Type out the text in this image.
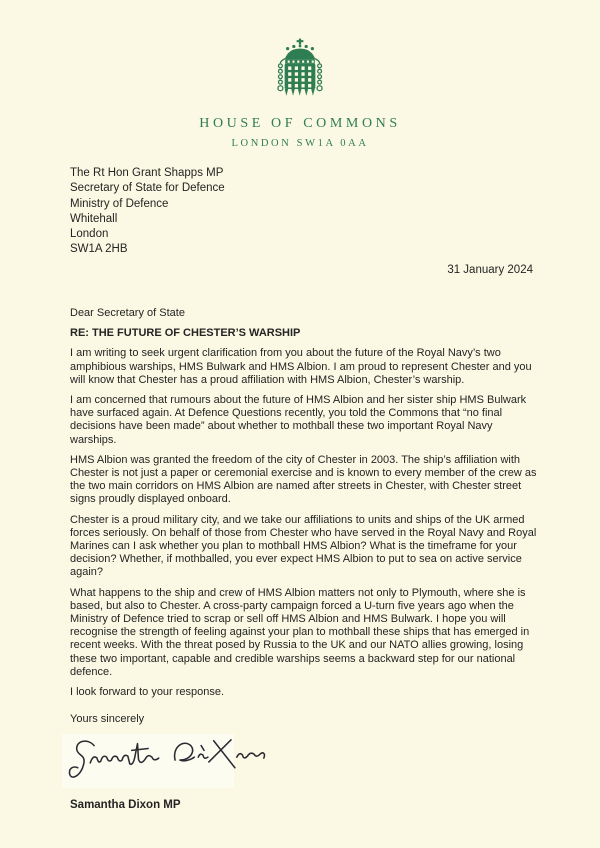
HOUSE OF COMMONS
LONDON SW1A 0AA
The Rt Hon Grant Shapps MP
Secretary of State for Defence
Ministry of Defence
Whitehall
London
SW1A 2HB
31 January 2024

Dear Secretary of State

RE: THE FUTURE OF CHESTER’S WARSHIP

I am writing to seek urgent clarification from you about the future of the Royal Navy’s two amphibious warships, HMS Bulwark and HMS Albion. I am proud to represent Chester and you will know that Chester has a proud affiliation with HMS Albion, Chester’s warship.

I am concerned that rumours about the future of HMS Albion and her sister ship HMS Bulwark have surfaced again. At Defence Questions recently, you told the Commons that “no final decisions have been made” about whether to mothball these two important Royal Navy warships.

HMS Albion was granted the freedom of the city of Chester in 2003. The ship’s affiliation with Chester is not just a paper or ceremonial exercise and is known to every member of the crew as the two main corridors on HMS Albion are named after streets in Chester, with Chester street signs proudly displayed onboard.

Chester is a proud military city, and we take our affiliations to units and ships of the UK armed forces seriously. On behalf of those from Chester who have served in the Royal Navy and Royal Marines can I ask whether you plan to mothball HMS Albion? What is the timeframe for your decision? Whether, if mothballed, you ever expect HMS Albion to put to sea on active service again?

What happens to the ship and crew of HMS Albion matters not only to Plymouth, where she is based, but also to Chester. A cross-party campaign forced a U-turn five years ago when the Ministry of Defence tried to scrap or sell off HMS Albion and HMS Bulwark. I hope you will recognise the strength of feeling against your plan to mothball these ships that has emerged in recent weeks. With the threat posed by Russia to the UK and our NATO allies growing, losing these two important, capable and credible warships seems a backward step for our national defence.

I look forward to your response.

Yours sincerely

Samantha Dixon MP
